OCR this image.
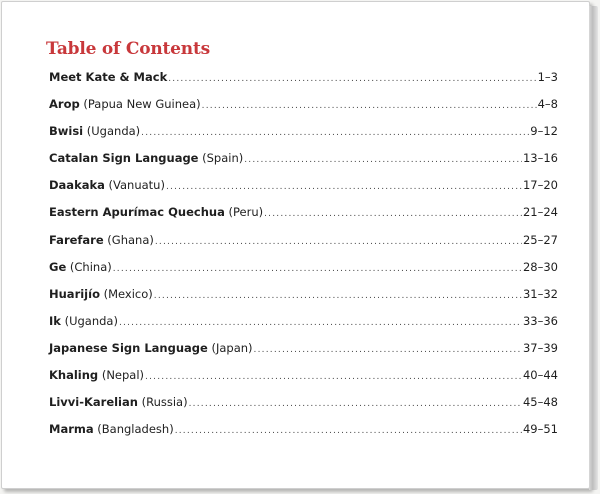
Table of Contents
Meet Kate & Mack .....	1–3
Arop (Papua New Guinea) .....	4–8
Bwisi (Uganda) .....	9–12
Catalan Sign Language (Spain) .....	13–16
Daakaka (Vanuatu) .....	17–20
Eastern Apurímac Quechua (Peru) .....	21–24
Farefare (Ghana) .....	25–27
Ge (China) .....	28–30
Huarijío (Mexico) .....	31–32
Ik (Uganda) .....	33–36
Japanese Sign Language (Japan) .....	37–39
Khaling (Nepal) .....	40–44
Livvi-Karelian (Russia) .....	45–48
Marma (Bangladesh) .....	49–51
